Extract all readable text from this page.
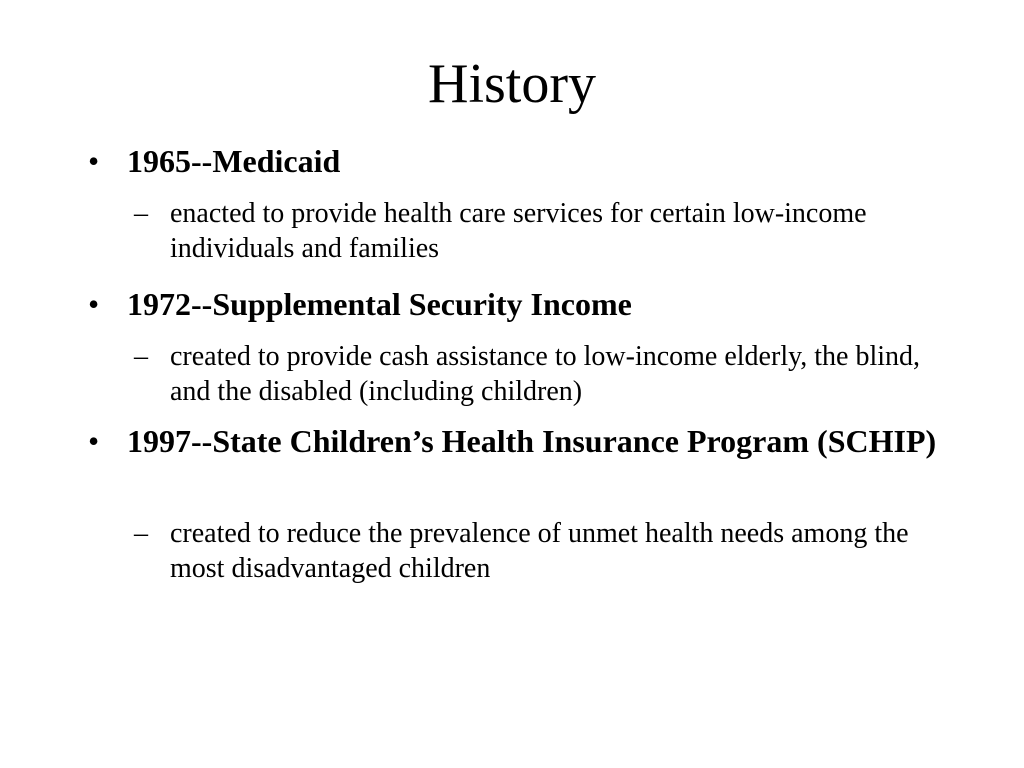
History

• 1965--Medicaid

– enacted to provide health care services for certain low-income individuals and families

• 1972--Supplemental Security Income

– created to provide cash assistance to low-income elderly, the blind, and the disabled (including children)

• 1997--State Children’s Health Insurance Program (SCHIP)

– created to reduce the prevalence of unmet health needs among the most disadvantaged children
